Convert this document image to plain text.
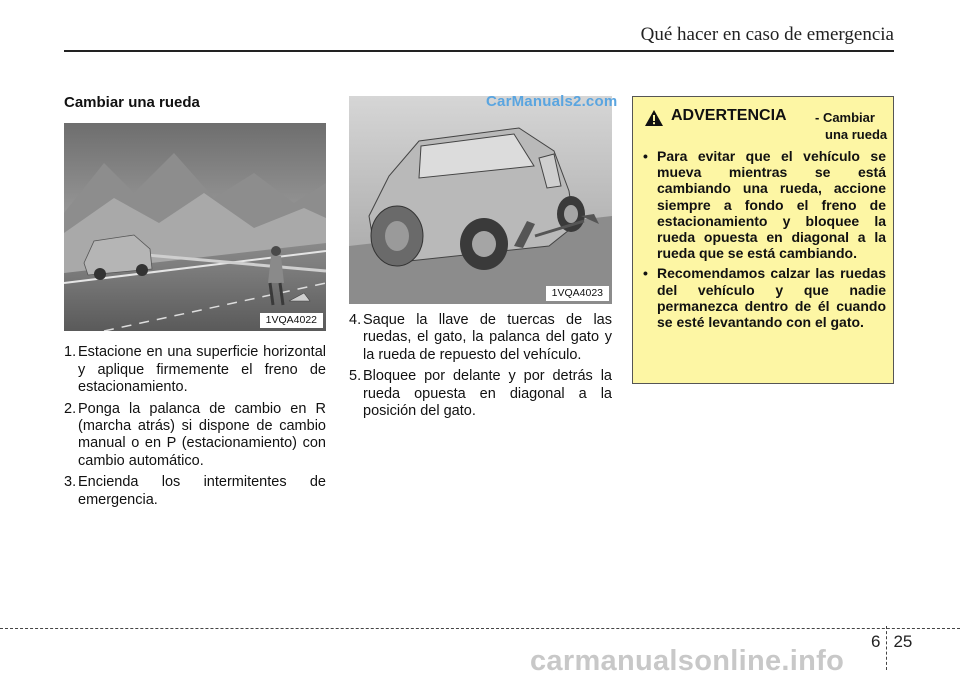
Qué hacer en caso de emergencia
Cambiar una rueda
1VQA4022
1. Estacione en una superficie horizontal y aplique firmemente el freno de estacionamiento.
2. Ponga la palanca de cambio en R (marcha atrás) si dispone de cambio manual o en P (estacionamiento) con cambio automático.
3. Encienda los intermitentes de emergencia.
1VQA4023
4. Saque la llave de tuercas de las ruedas, el gato, la palanca del gato y la rueda de repuesto del vehículo.
5. Bloquee por delante y por detrás la rueda opuesta en diagonal a la posición del gato.
CarManuals2.com
ADVERTENCIA - Cambiar
una rueda
• Para evitar que el vehículo se mueva mientras se está cambiando una rueda, accione siempre a fondo el freno de estacionamiento y bloquee la rueda opuesta en diagonal a la rueda que se está cambiando.
• Recomendamos calzar las ruedas del vehículo y que nadie permanezca dentro de él cuando se esté levantando con el gato.
6 25
carmanualsonline.info
